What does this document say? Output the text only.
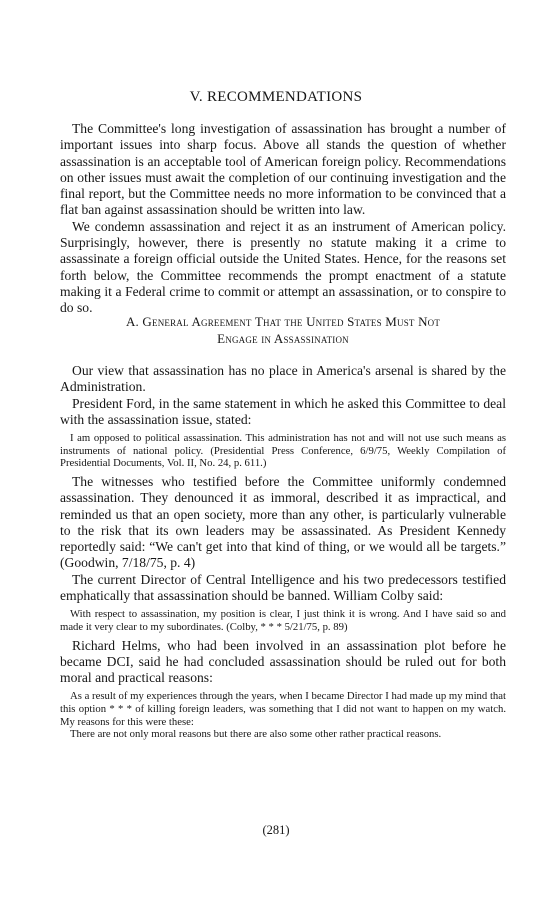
V. RECOMMENDATIONS

The Committee's long investigation of assassination has brought a number of important issues into sharp focus. Above all stands the question of whether assassination is an acceptable tool of American foreign policy. Recommendations on other issues must await the completion of our continuing investigation and the final report, but the Committee needs no more information to be convinced that a flat ban against assassination should be written into law.

We condemn assassination and reject it as an instrument of American policy. Surprisingly, however, there is presently no statute making it a crime to assassinate a foreign official outside the United States. Hence, for the reasons set forth below, the Committee recommends the prompt enactment of a statute making it a Federal crime to commit or attempt an assassination, or to conspire to do so.

A. General Agreement That the United States Must Not

Engage in Assassination

Our view that assassination has no place in America's arsenal is shared by the Administration.

President Ford, in the same statement in which he asked this Committee to deal with the assassination issue, stated:

I am opposed to political assassination. This administration has not and will not use such means as instruments of national policy. (Presidential Press Conference, 6/9/75, Weekly Compilation of Presidential Documents, Vol. II, No. 24, p. 611.)

The witnesses who testified before the Committee uniformly condemned assassination. They denounced it as immoral, described it as impractical, and reminded us that an open society, more than any other, is particularly vulnerable to the risk that its own leaders may be assassinated. As President Kennedy reportedly said: “We can't get into that kind of thing, or we would all be targets.” (Goodwin, 7/18/75, p. 4)

The current Director of Central Intelligence and his two predecessors testified emphatically that assassination should be banned. William Colby said:

With respect to assassination, my position is clear, I just think it is wrong. And I have said so and made it very clear to my subordinates. (Colby, * * * 5/21/75, p. 89)

Richard Helms, who had been involved in an assassination plot before he became DCI, said he had concluded assassination should be ruled out for both moral and practical reasons:

As a result of my experiences through the years, when I became Director I had made up my mind that this option * * * of killing foreign leaders, was something that I did not want to happen on my watch. My reasons for this were these:

There are not only moral reasons but there are also some other rather practical reasons.

(281)
